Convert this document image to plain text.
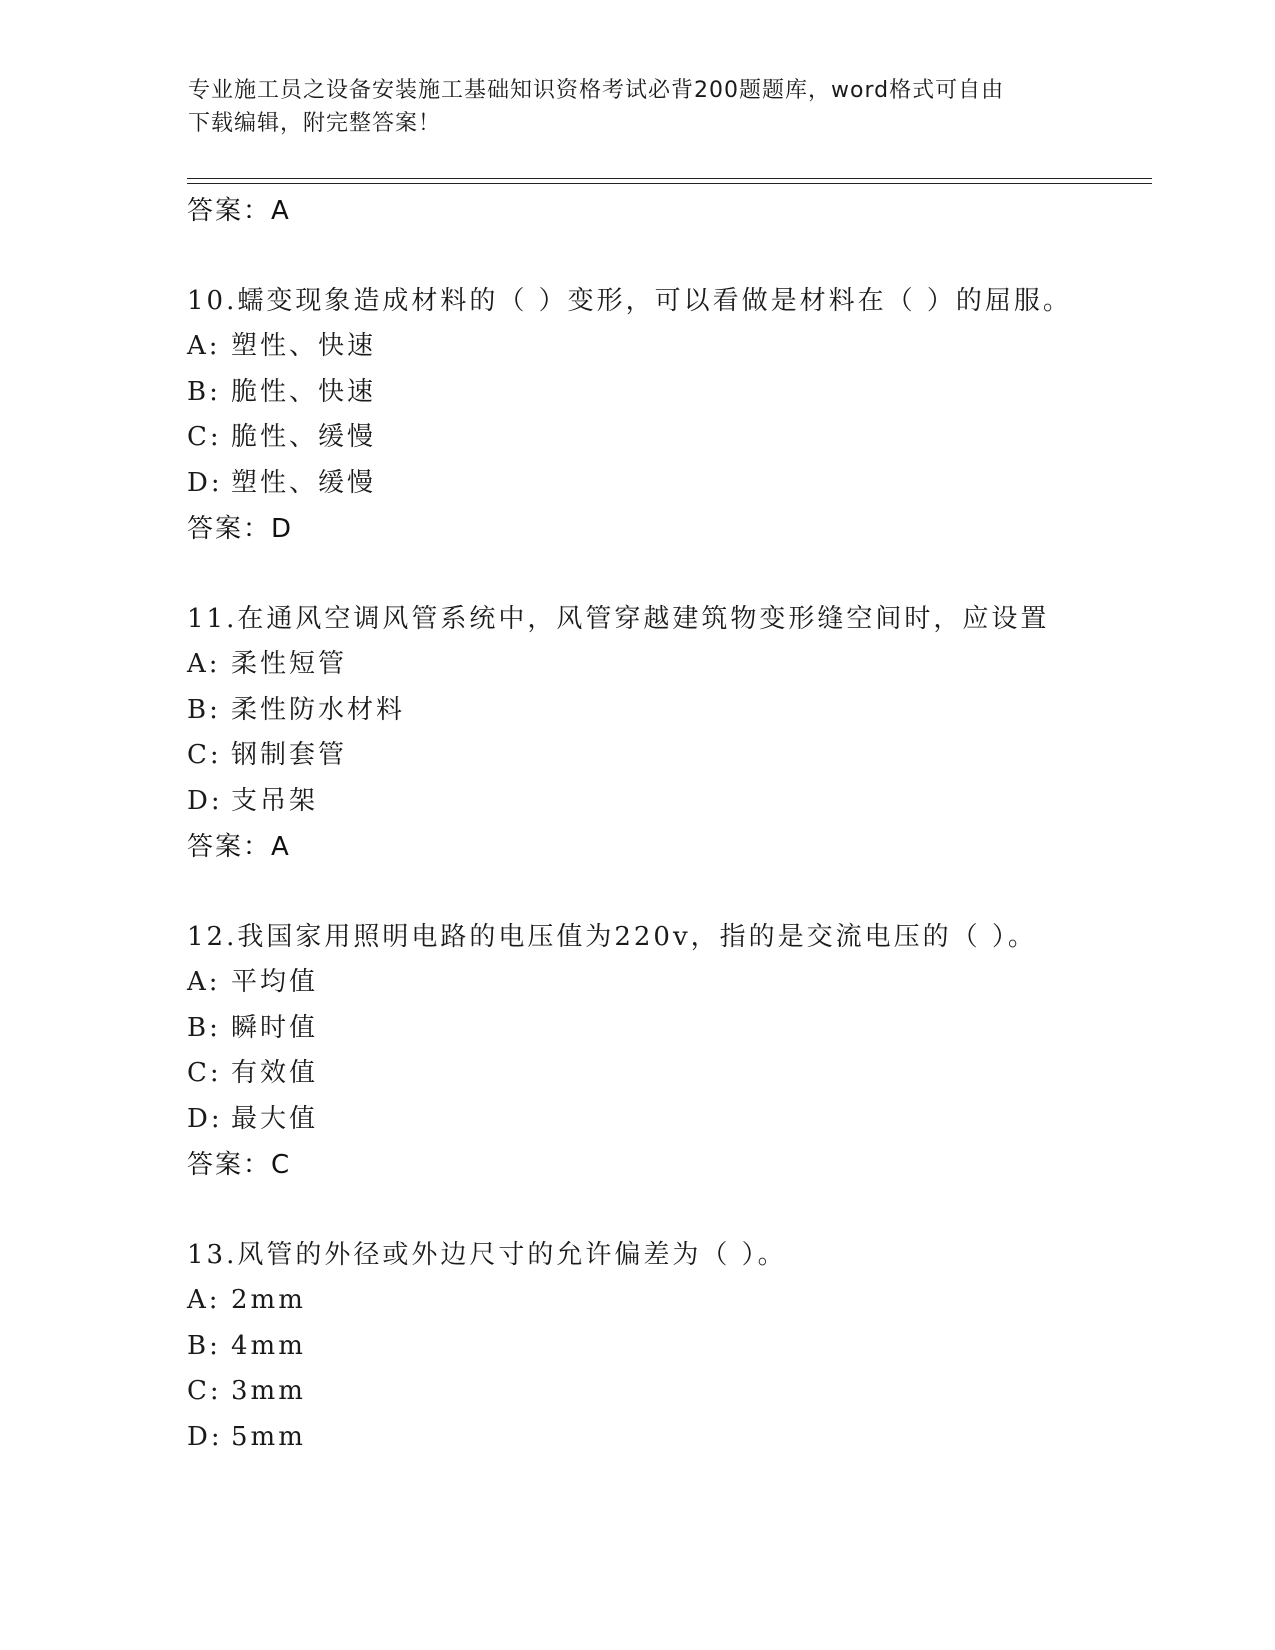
专业施工员之设备安装施工基础知识资格考试必背200题题库，word格式可自由
下载编辑，附完整答案！
答案：A
10.蠕变现象造成材料的（ ）变形，可以看做是材料在（ ）的屈服。
A: 塑性、快速
B: 脆性、快速
C: 脆性、缓慢
D: 塑性、缓慢
答案：D
11.在通风空调风管系统中，风管穿越建筑物变形缝空间时，应设置
A: 柔性短管
B: 柔性防水材料
C: 钢制套管
D: 支吊架
答案：A
12.我国家用照明电路的电压值为220v，指的是交流电压的（ ）。
A: 平均值
B: 瞬时值
C: 有效值
D: 最大值
答案：C
13.风管的外径或外边尺寸的允许偏差为（ ）。
A: 2mm
B: 4mm
C: 3mm
D: 5mm
